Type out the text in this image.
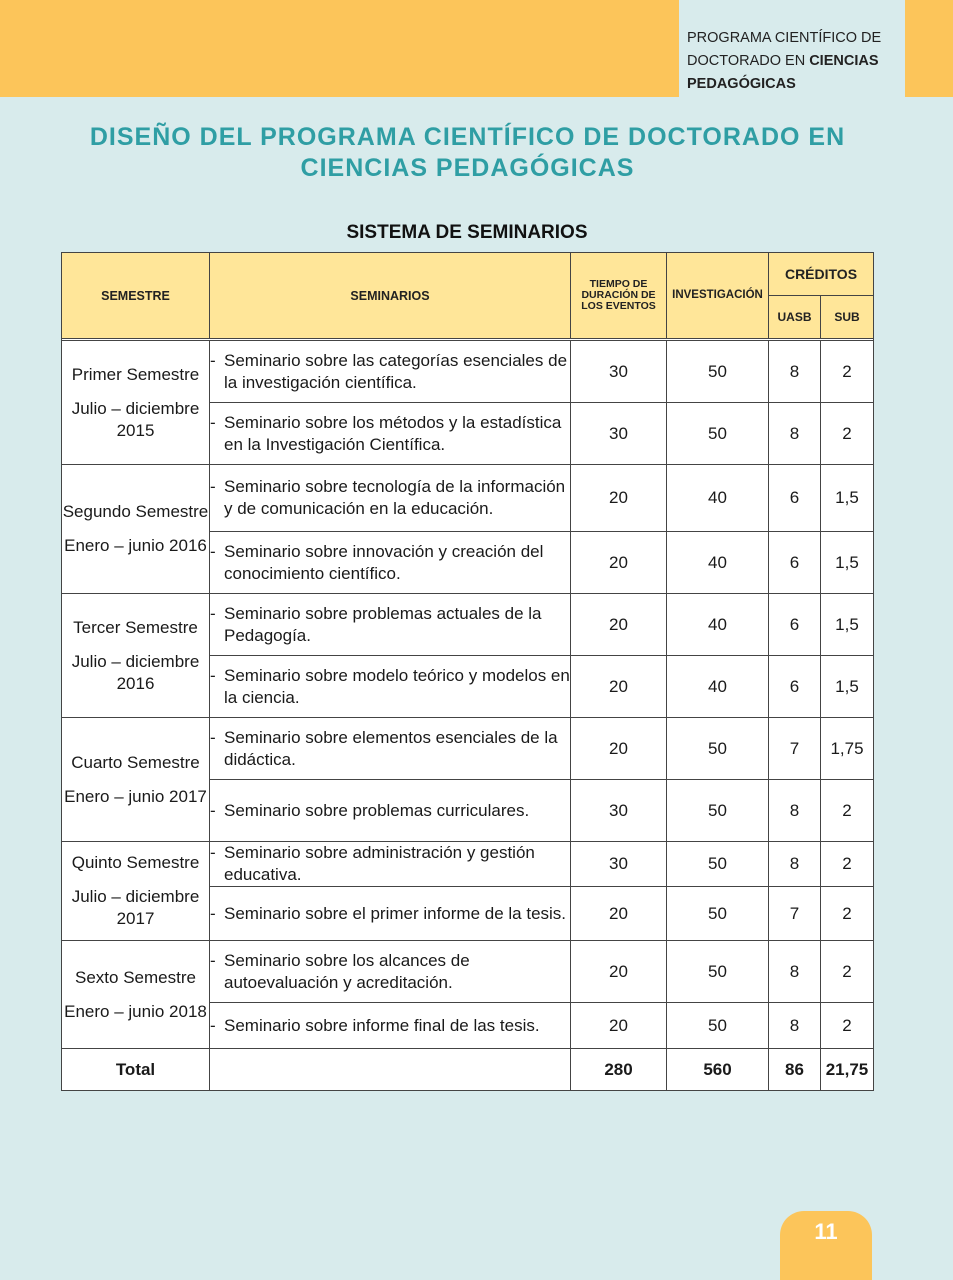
PROGRAMA CIENTÍFICO DE
DOCTORADO EN CIENCIAS
PEDAGÓGICAS
DISEÑO DEL PROGRAMA CIENTÍFICO DE DOCTORADO EN
CIENCIAS PEDAGÓGICAS
SISTEMA DE SEMINARIOS
SEMESTRE	SEMINARIOS	TIEMPO DE DURACIÓN DE LOS EVENTOS	INVESTIGACIÓN	CRÉDITOS	
				UASB	SUB

Primer Semestre
Julio – diciembre 2015	- Seminario sobre las categorías esenciales de la investigación científica.	30	50	8	2

	- Seminario sobre los métodos y la estadística en la Investigación Científica.	30	50	8	2

Segundo Semestre
Enero – junio 2016	- Seminario sobre tecnología de la información y de comunicación en la educación.	20	40	6	1,5

	- Seminario sobre innovación y creación del conocimiento científico.	20	40	6	1,5

Tercer Semestre
Julio – diciembre 2016	- Seminario sobre problemas actuales de la Pedagogía.	20	40	6	1,5

	- Seminario sobre modelo teórico y modelos en la ciencia.	20	40	6	1,5

Cuarto Semestre
Enero – junio 2017	- Seminario sobre elementos esenciales de la didáctica.	20	50	7	1,75

	- Seminario sobre problemas curriculares.	30	50	8	2

Quinto Semestre
Julio – diciembre 2017	- Seminario sobre administración y gestión educativa.	30	50	8	2

	- Seminario sobre el primer informe de la tesis.	20	50	7	2

Sexto Semestre
Enero – junio 2018	- Seminario sobre los alcances de autoevaluación y acreditación.	20	50	8	2

	- Seminario sobre informe final de las tesis.	20	50	8	2
Total		280	560	86	21,75
11
